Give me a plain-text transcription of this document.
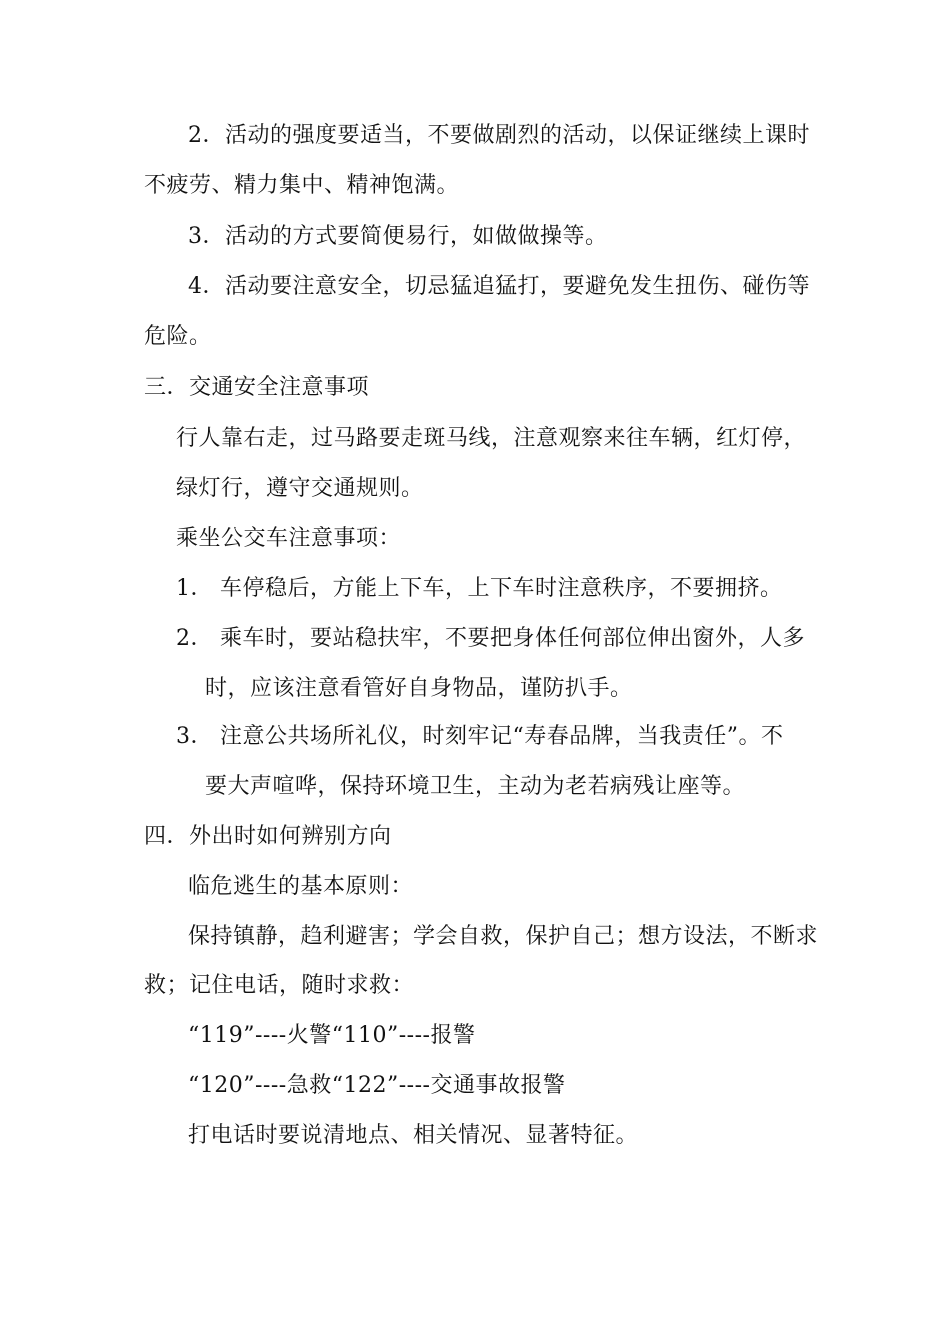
2．活动的强度要适当，不要做剧烈的活动，以保证继续上课时
不疲劳、精力集中、精神饱满。
3．活动的方式要简便易行，如做做操等。
4．活动要注意安全，切忌猛追猛打，要避免发生扭伤、碰伤等
危险。
三．交通安全注意事项
行人靠右走，过马路要走斑马线，注意观察来往车辆，红灯停，
绿灯行，遵守交通规则。
乘坐公交车注意事项：
1． 车停稳后，方能上下车，上下车时注意秩序，不要拥挤。
2． 乘车时，要站稳扶牢，不要把身体任何部位伸出窗外，人多
时，应该注意看管好自身物品，谨防扒手。
3． 注意公共场所礼仪，时刻牢记“寿春品牌，当我责任”。不
要大声喧哗，保持环境卫生，主动为老若病残让座等。
四．外出时如何辨别方向
临危逃生的基本原则：
保持镇静，趋利避害；学会自救，保护自己；想方设法，不断求
救；记住电话，随时求救：
“119”----火警“110”----报警
“120”----急救“122”----交通事故报警
打电话时要说清地点、相关情况、显著特征。
